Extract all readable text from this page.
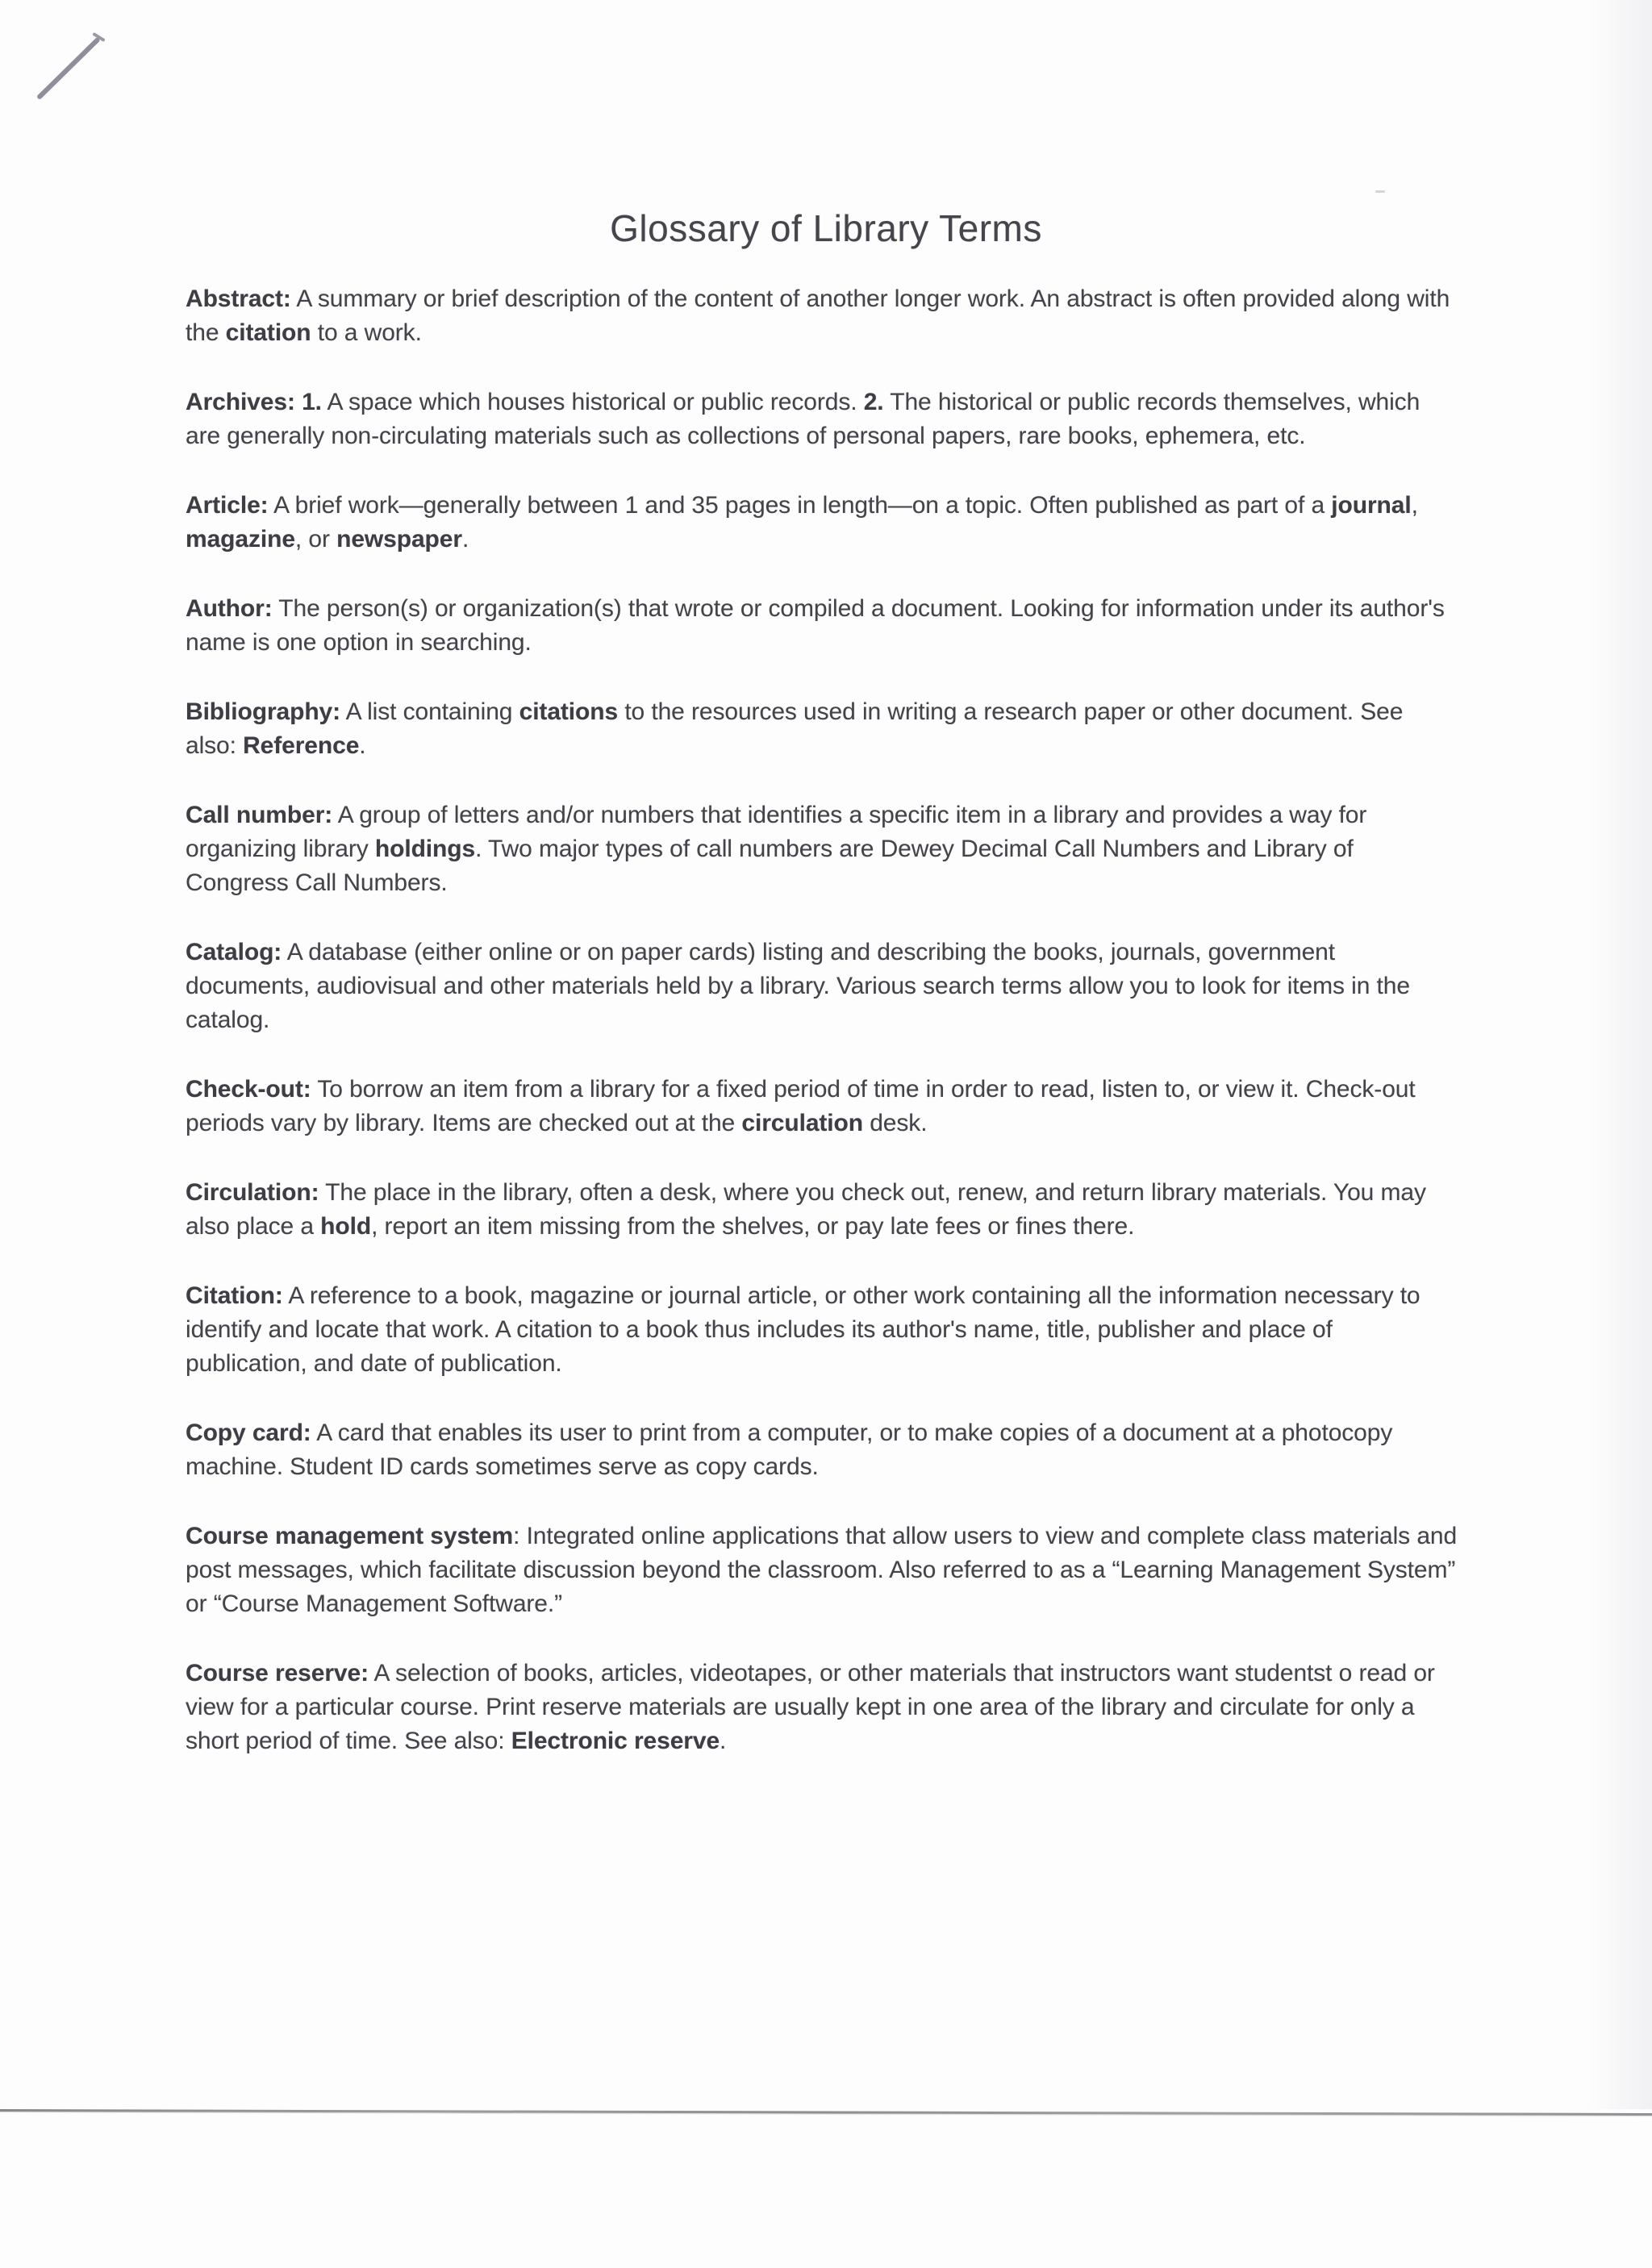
Glossary of Library Terms

Abstract: A summary or brief description of the content of another longer work. An abstract is often provided along with the citation to a work.

Archives: 1. A space which houses historical or public records. 2. The historical or public records themselves, which are generally non-circulating materials such as collections of personal papers, rare books, ephemera, etc.

Article: A brief work—generally between 1 and 35 pages in length—on a topic. Often published as part of a journal, magazine, or newspaper.

Author: The person(s) or organization(s) that wrote or compiled a document. Looking for information under its author's name is one option in searching.

Bibliography: A list containing citations to the resources used in writing a research paper or other document. See also: Reference.

Call number: A group of letters and/or numbers that identifies a specific item in a library and provides a way for organizing library holdings. Two major types of call numbers are Dewey Decimal Call Numbers and Library of Congress Call Numbers.

Catalog: A database (either online or on paper cards) listing and describing the books, journals, government documents, audiovisual and other materials held by a library. Various search terms allow you to look for items in the catalog.

Check-out: To borrow an item from a library for a fixed period of time in order to read, listen to, or view it. Check-out periods vary by library. Items are checked out at the circulation desk.

Circulation: The place in the library, often a desk, where you check out, renew, and return library materials. You may also place a hold, report an item missing from the shelves, or pay late fees or fines there.

Citation: A reference to a book, magazine or journal article, or other work containing all the information necessary to identify and locate that work. A citation to a book thus includes its author's name, title, publisher and place of publication, and date of publication.

Copy card: A card that enables its user to print from a computer, or to make copies of a document at a photocopy machine. Student ID cards sometimes serve as copy cards.

Course management system: Integrated online applications that allow users to view and complete class materials and post messages, which facilitate discussion beyond the classroom. Also referred to as a “Learning Management System” or “Course Management Software.”

Course reserve: A selection of books, articles, videotapes, or other materials that instructors want studentst o read or view for a particular course. Print reserve materials are usually kept in one area of the library and circulate for only a short period of time. See also: Electronic reserve.
